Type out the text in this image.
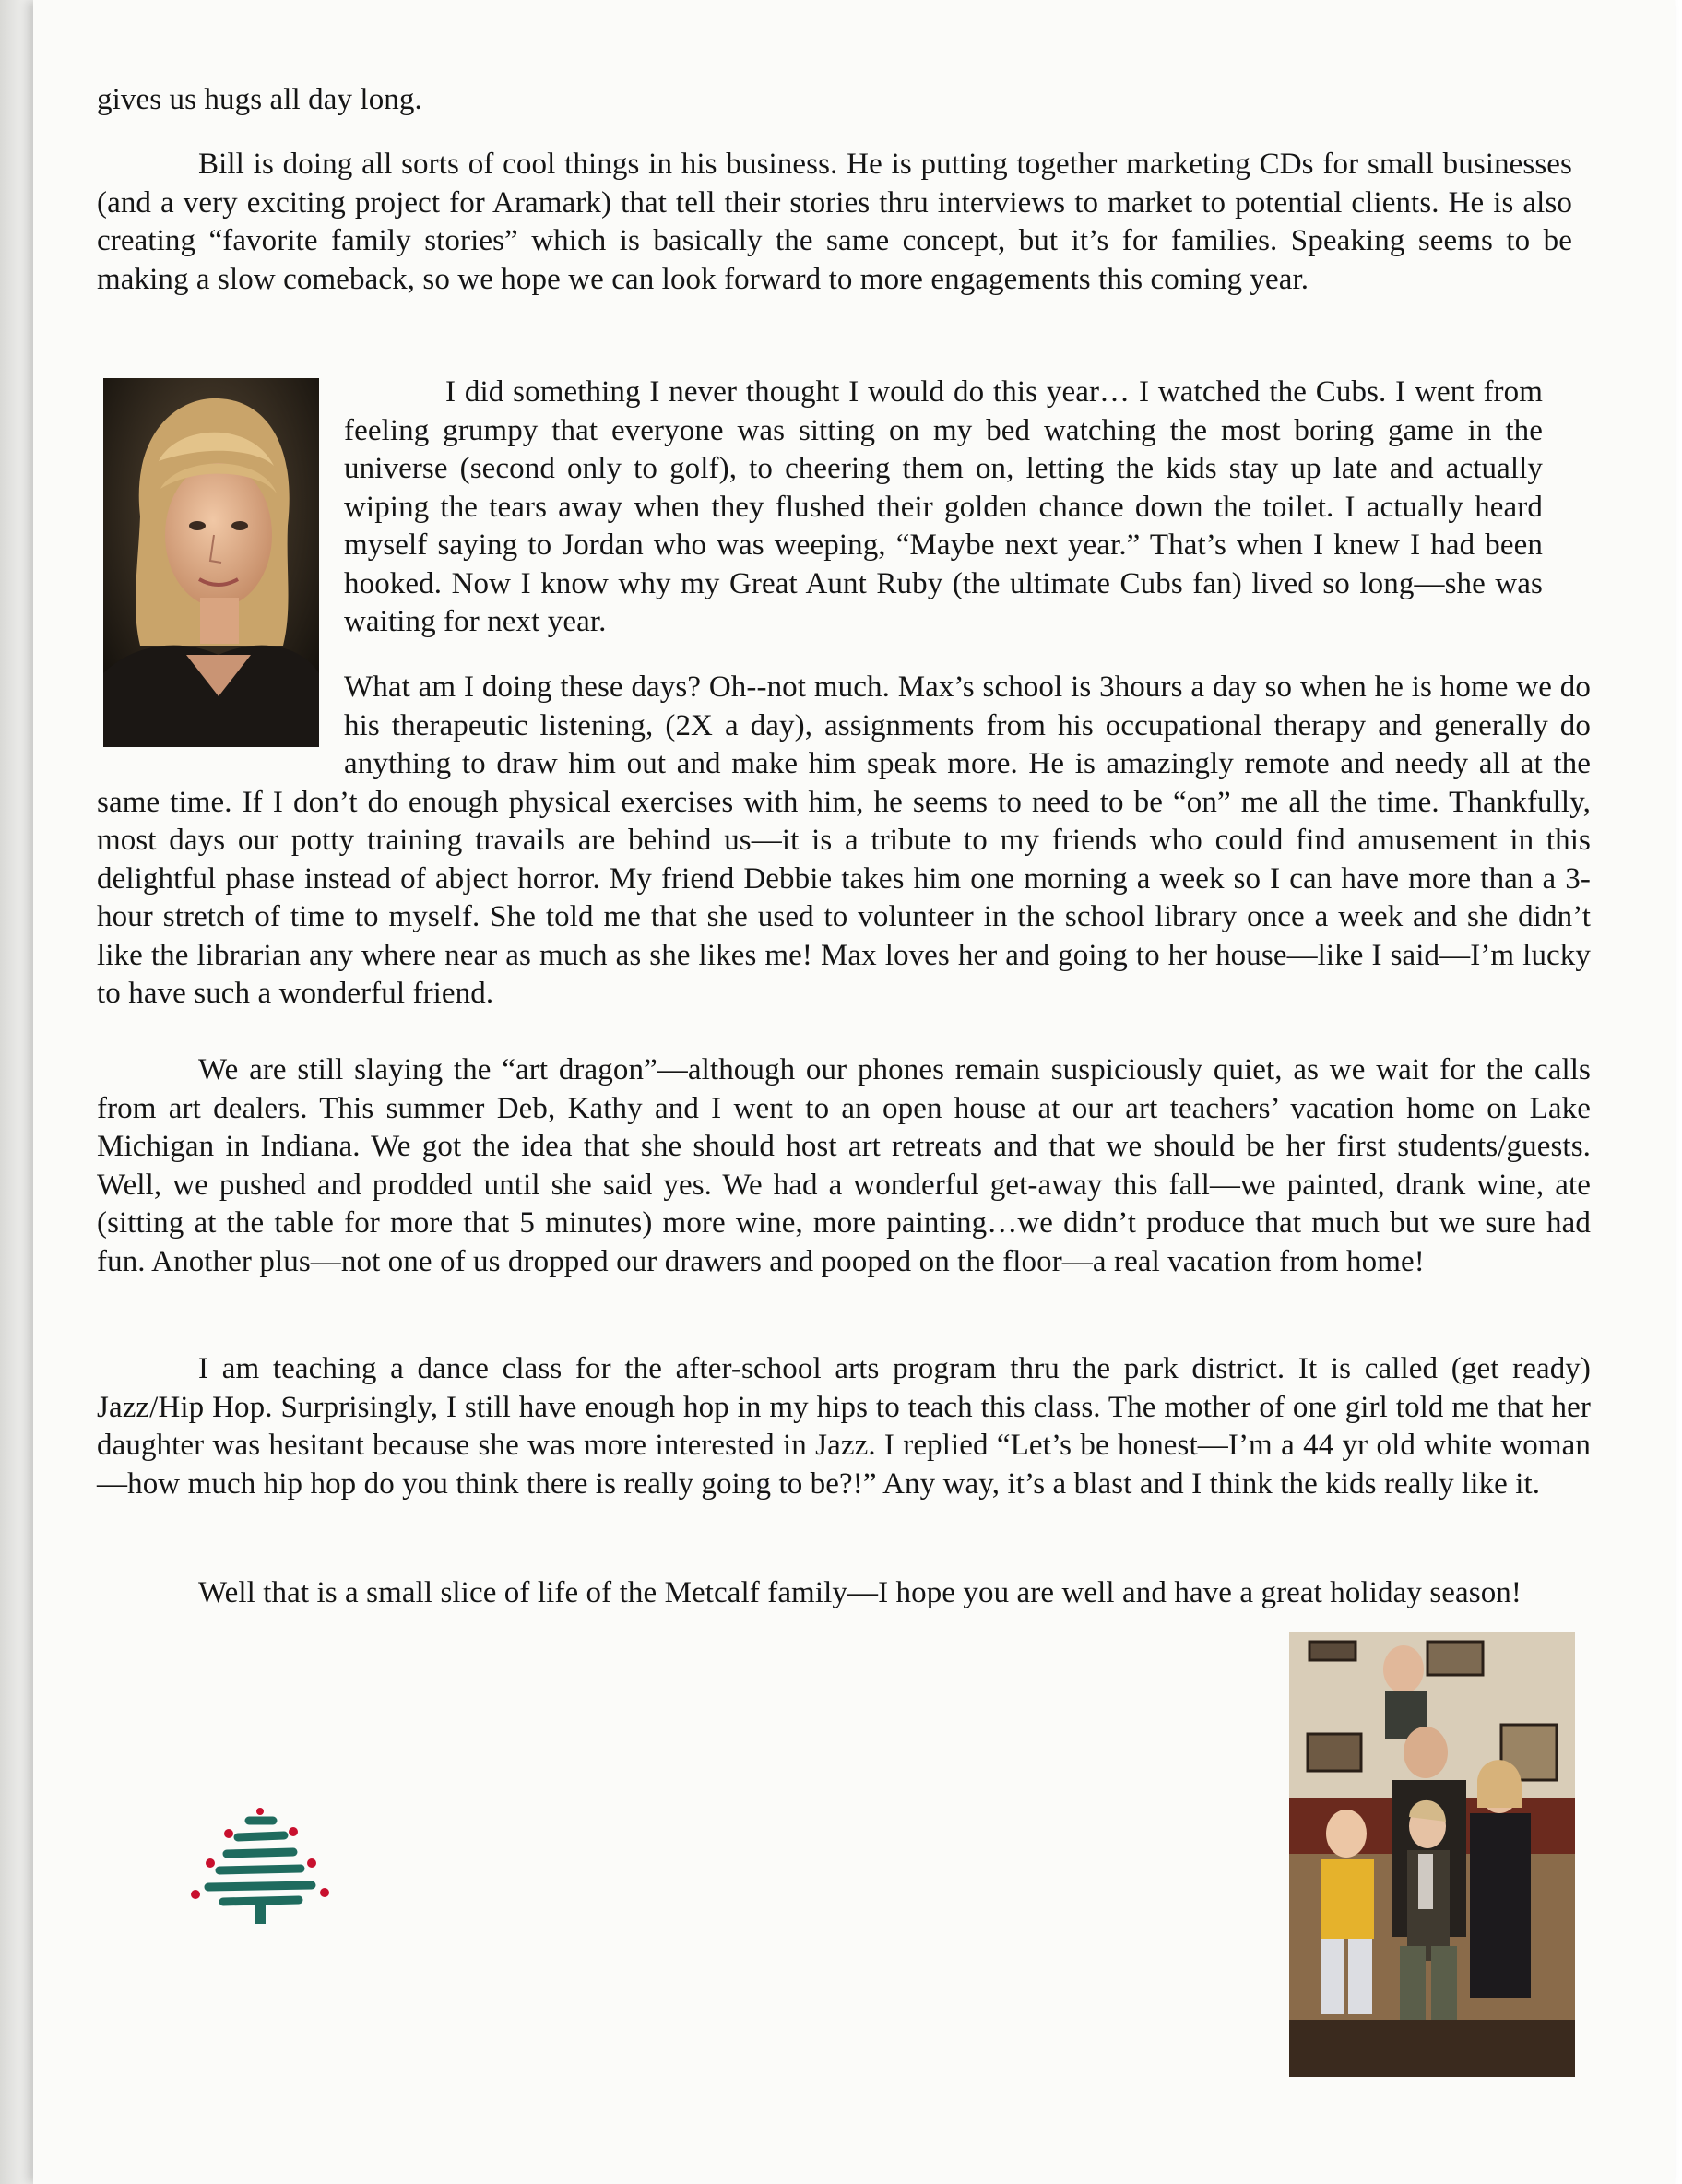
gives us hugs all day long.

Bill is doing all sorts of cool things in his business. He is putting together marketing CDs for small businesses (and a very exciting project for Aramark) that tell their stories thru interviews to market to potential clients. He is also creating “favorite family stories” which is basically the same concept, but it’s for families. Speaking seems to be making a slow comeback, so we hope we can look forward to more engagements this coming year.

I did something I never thought I would do this year… I watched the Cubs. I went from feeling grumpy that everyone was sitting on my bed watching the most boring game in the universe (second only to golf), to cheering them on, letting the kids stay up late and actually wiping the tears away when they flushed their golden chance down the toilet. I actually heard myself saying to Jordan who was weeping, “Maybe next year.” That’s when I knew I had been hooked. Now I know why my Great Aunt Ruby (the ultimate Cubs fan) lived so long—she was waiting for next year.

What am I doing these days? Oh--not much. Max’s school is 3hours a day so when he is home we do his therapeutic listening, (2X a day), assignments from his occupational therapy and generally do anything to draw him out and make him speak more. He is amazingly remote and needy all at the same time. If I don’t do enough physical exercises with him, he seems to need to be “on” me all the time. Thankfully, most days our potty training travails are behind us—it is a tribute to my friends who could find amusement in this delightful phase instead of abject horror. My friend Debbie takes him one morning a week so I can have more than a 3-hour stretch of time to myself. She told me that she used to volunteer in the school library once a week and she didn’t like the librarian any where near as much as she likes me! Max loves her and going to her house—like I said—I’m lucky to have such a wonderful friend.

We are still slaying the “art dragon”—although our phones remain suspiciously quiet, as we wait for the calls from art dealers. This summer Deb, Kathy and I went to an open house at our art teachers’ vacation home on Lake Michigan in Indiana. We got the idea that she should host art retreats and that we should be her first students/guests. Well, we pushed and prodded until she said yes. We had a wonderful get-away this fall—we painted, drank wine, ate (sitting at the table for more that 5 minutes) more wine, more painting…we didn’t produce that much but we sure had fun. Another plus—not one of us dropped our drawers and pooped on the floor—a real vacation from home!

I am teaching a dance class for the after-school arts program thru the park district. It is called (get ready) Jazz/Hip Hop. Surprisingly, I still have enough hop in my hips to teach this class. The mother of one girl told me that her daughter was hesitant because she was more interested in Jazz. I replied “Let’s be honest—I’m a 44 yr old white woman—how much hip hop do you think there is really going to be?!” Any way, it’s a blast and I think the kids really like it.

Well that is a small slice of life of the Metcalf family—I hope you are well and have a great holiday season!
